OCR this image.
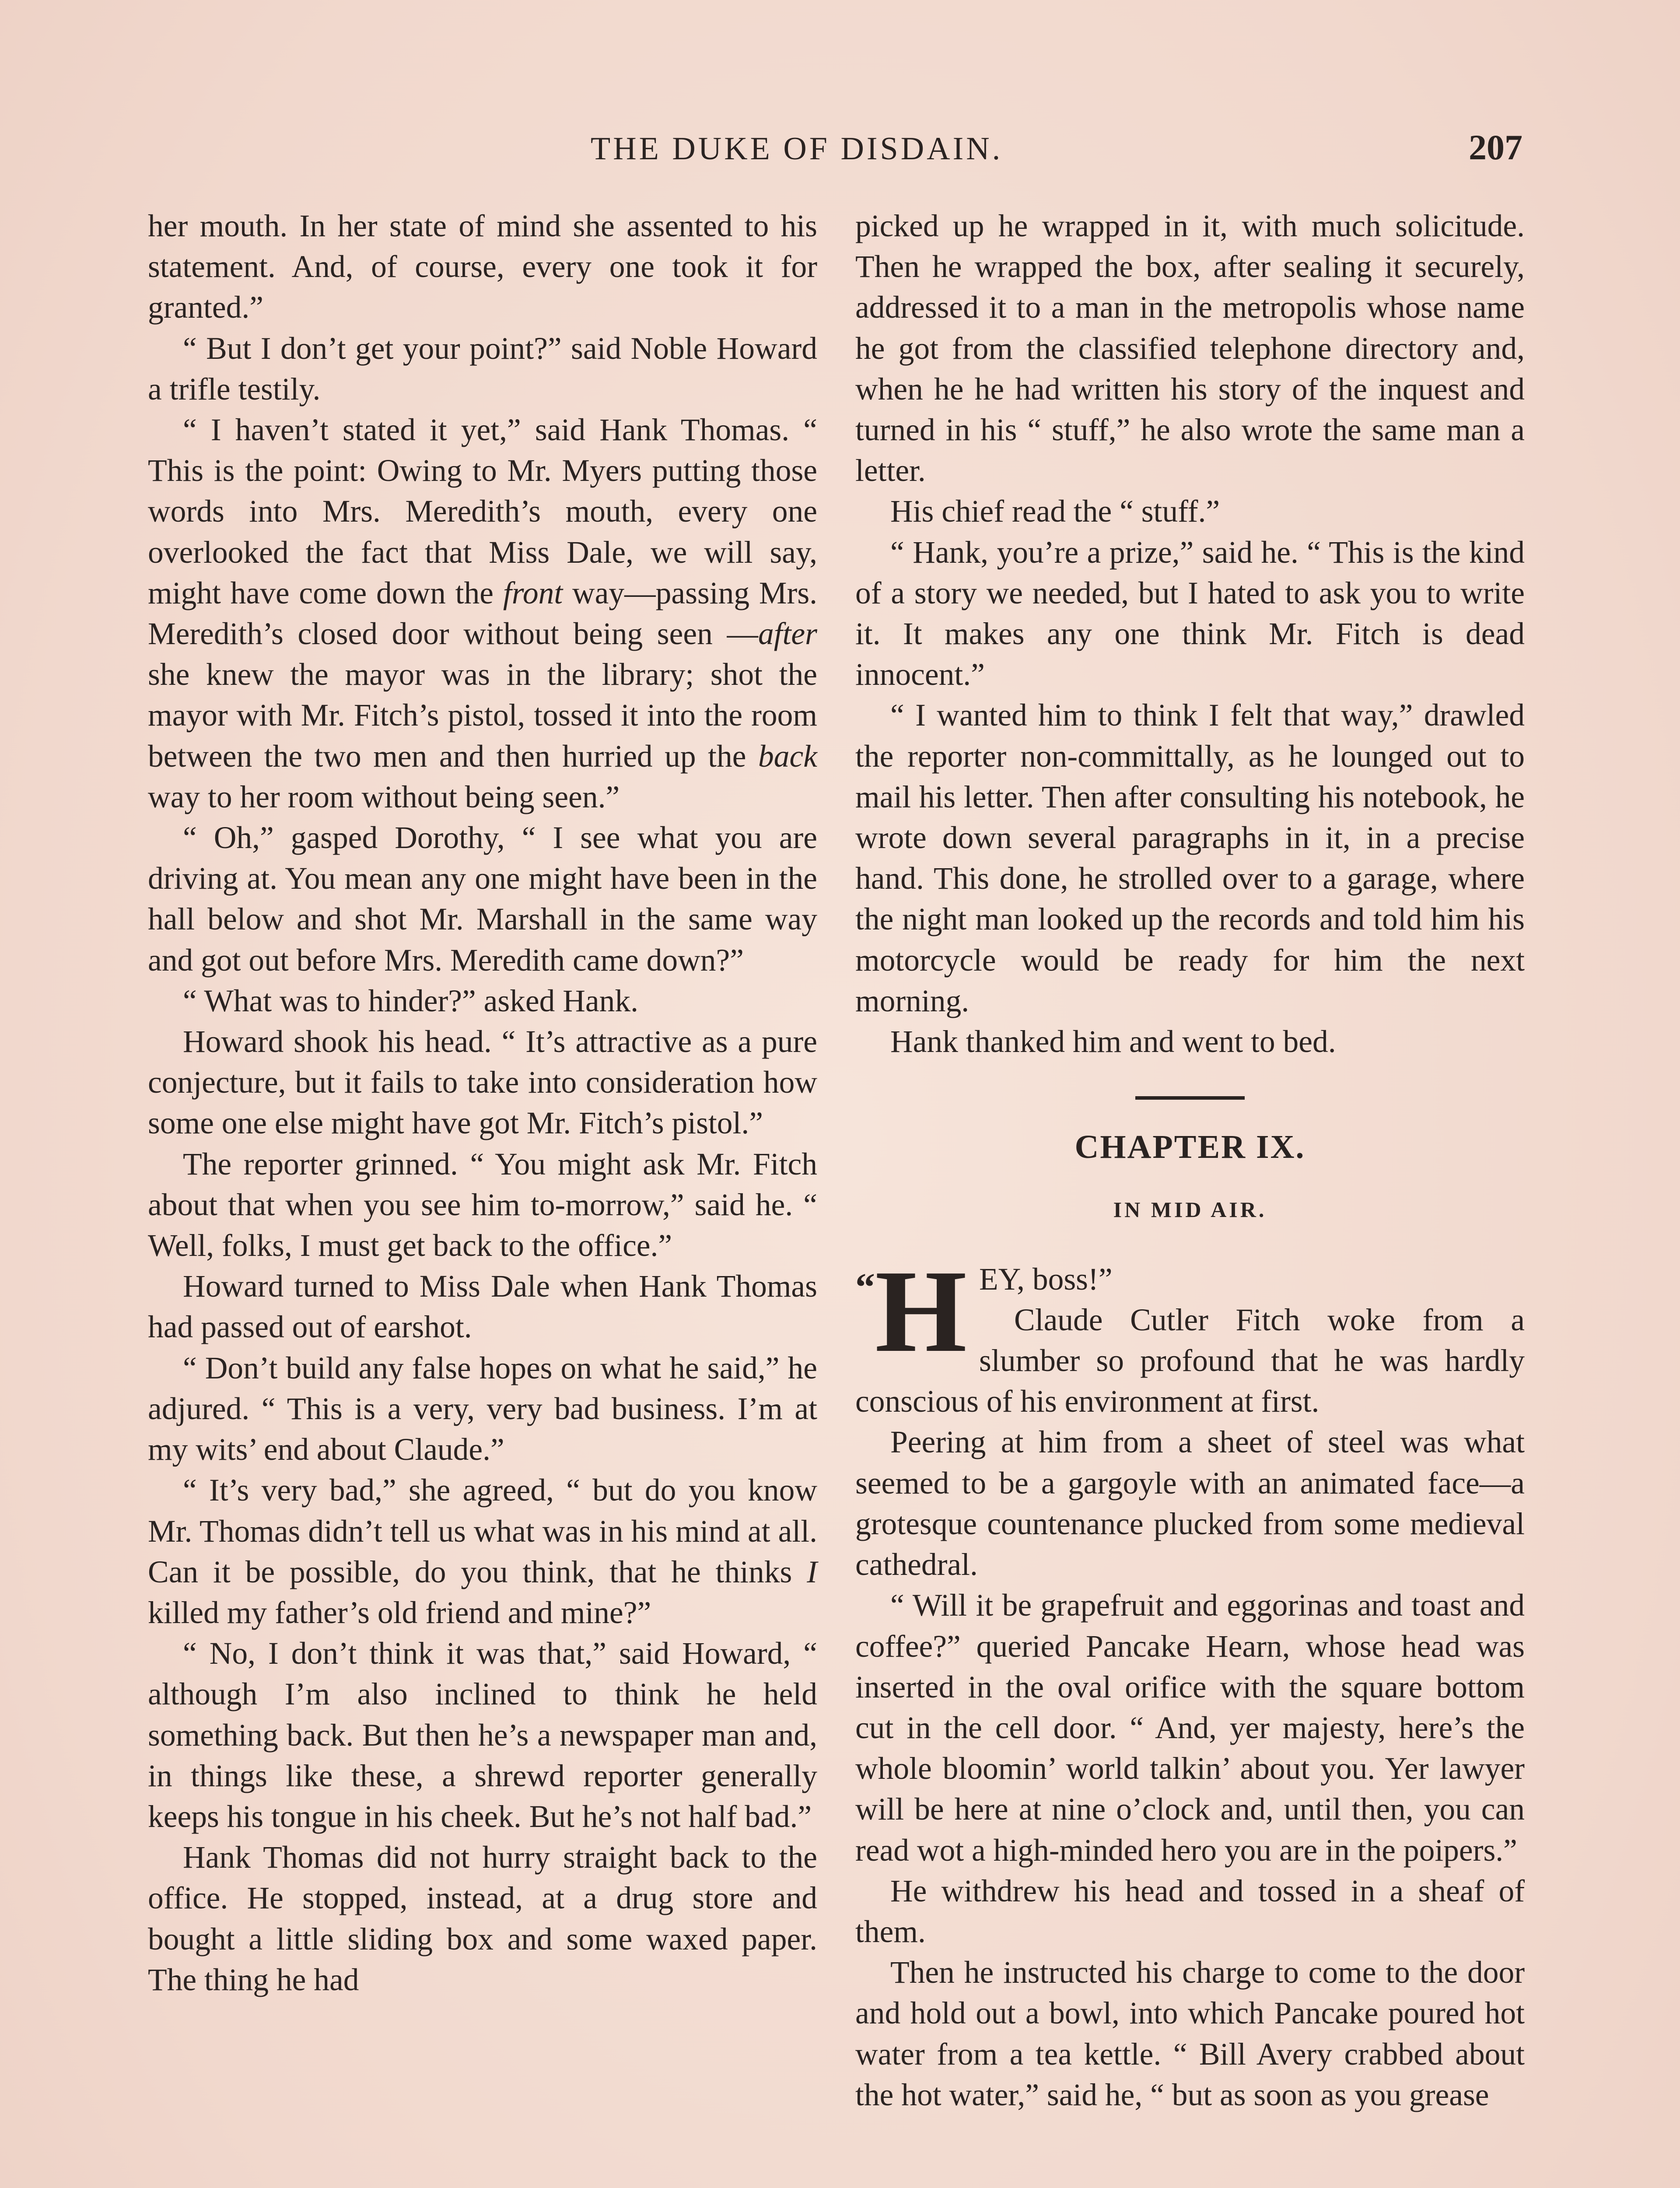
THE DUKE OF DISDAIN.	207

her mouth. In her state of mind she assented to his statement. And, of course, every one took it for granted.”

“ But I don’t get your point?” said Noble Howard a trifle testily.

“ I haven’t stated it yet,” said Hank Thomas. “ This is the point: Owing to Mr. Myers putting those words into Mrs. Meredith’s mouth, every one overlooked the fact that Miss Dale, we will say, might have come down the front way—passing Mrs. Meredith’s closed door without being seen —after she knew the mayor was in the library; shot the mayor with Mr. Fitch’s pistol, tossed it into the room between the two men and then hurried up the back way to her room without being seen.”

“ Oh,” gasped Dorothy, “ I see what you are driving at. You mean any one might have been in the hall below and shot Mr. Marshall in the same way and got out before Mrs. Meredith came down?”

“ What was to hinder?” asked Hank.

Howard shook his head. “ It’s attractive as a pure conjecture, but it fails to take into consideration how some one else might have got Mr. Fitch’s pistol.”

The reporter grinned. “ You might ask Mr. Fitch about that when you see him to-morrow,” said he. “ Well, folks, I must get back to the office.”

Howard turned to Miss Dale when Hank Thomas had passed out of earshot.

“ Don’t build any false hopes on what he said,” he adjured. “ This is a very, very bad business. I’m at my wits’ end about Claude.”

“ It’s very bad,” she agreed, “ but do you know Mr. Thomas didn’t tell us what was in his mind at all. Can it be possible, do you think, that he thinks I killed my father’s old friend and mine?”

“ No, I don’t think it was that,” said Howard, “ although I’m also inclined to think he held something back. But then he’s a newspaper man and, in things like these, a shrewd reporter generally keeps his tongue in his cheek. But he’s not half bad.”

Hank Thomas did not hurry straight back to the office. He stopped, instead, at a drug store and bought a little sliding box and some waxed paper. The thing he had

picked up he wrapped in it, with much solicitude. Then he wrapped the box, after sealing it securely, addressed it to a man in the metropolis whose name he got from the classified telephone directory and, when he he had written his story of the inquest and turned in his “ stuff,” he also wrote the same man a letter.

His chief read the “ stuff.”

“ Hank, you’re a prize,” said he. “ This is the kind of a story we needed, but I hated to ask you to write it. It makes any one think Mr. Fitch is dead innocent.”

“ I wanted him to think I felt that way,” drawled the reporter non-committally, as he lounged out to mail his letter. Then after consulting his notebook, he wrote down several paragraphs in it, in a precise hand. This done, he strolled over to a garage, where the night man looked up the records and told him his motorcycle would be ready for him the next morning.

Hank thanked him and went to bed.

CHAPTER IX.
IN MID AIR.
“H EY, boss!”
Claude Cutler Fitch woke from a slumber so profound that he was hardly conscious of his environment at first.

Peering at him from a sheet of steel was what seemed to be a gargoyle with an animated face—a grotesque countenance plucked from some medieval cathedral.

“ Will it be grapefruit and eggorinas and toast and coffee?” queried Pancake Hearn, whose head was inserted in the oval orifice with the square bottom cut in the cell door. “ And, yer majesty, here’s the whole bloomin’ world talkin’ about you. Yer lawyer will be here at nine o’clock and, until then, you can read wot a high-minded hero you are in the poipers.”

He withdrew his head and tossed in a sheaf of them.

Then he instructed his charge to come to the door and hold out a bowl, into which Pancake poured hot water from a tea kettle. “ Bill Avery crabbed about the hot water,” said he, “ but as soon as you grease
